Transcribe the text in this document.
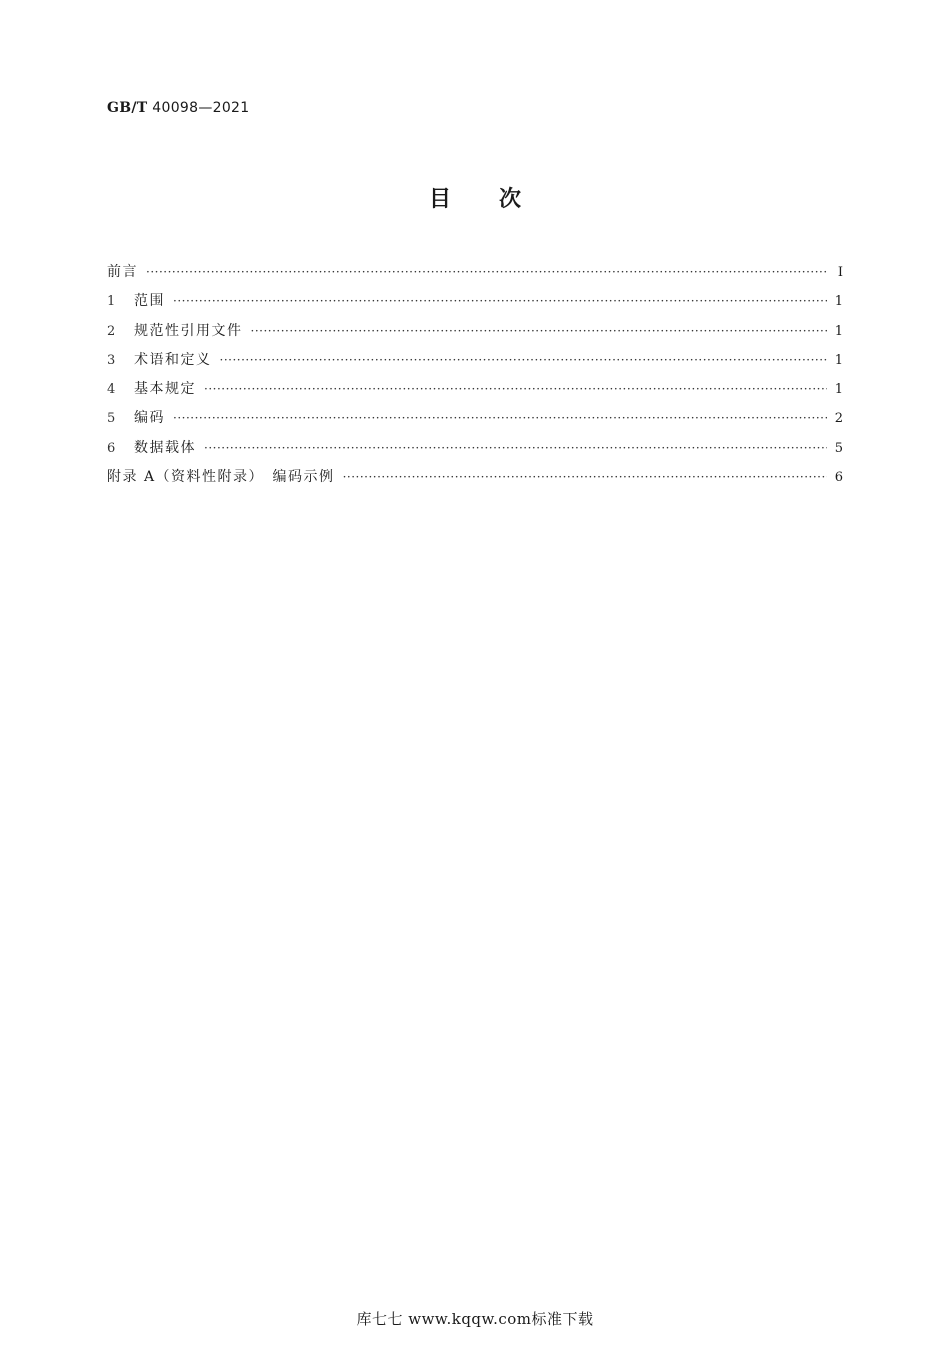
GB/T 40098—2021
目次
前言 ·····	Ⅰ
1	范围 ·····	1
2	规范性引用文件 ·····	1
3	术语和定义 ·····	1
4	基本规定 ·····	1
5	编码 ·····	2
6	数据载体 ·····	5
附录 A（资料性附录）　编码示例 ·····	6
库七七 www.kqqw.com标准下载
